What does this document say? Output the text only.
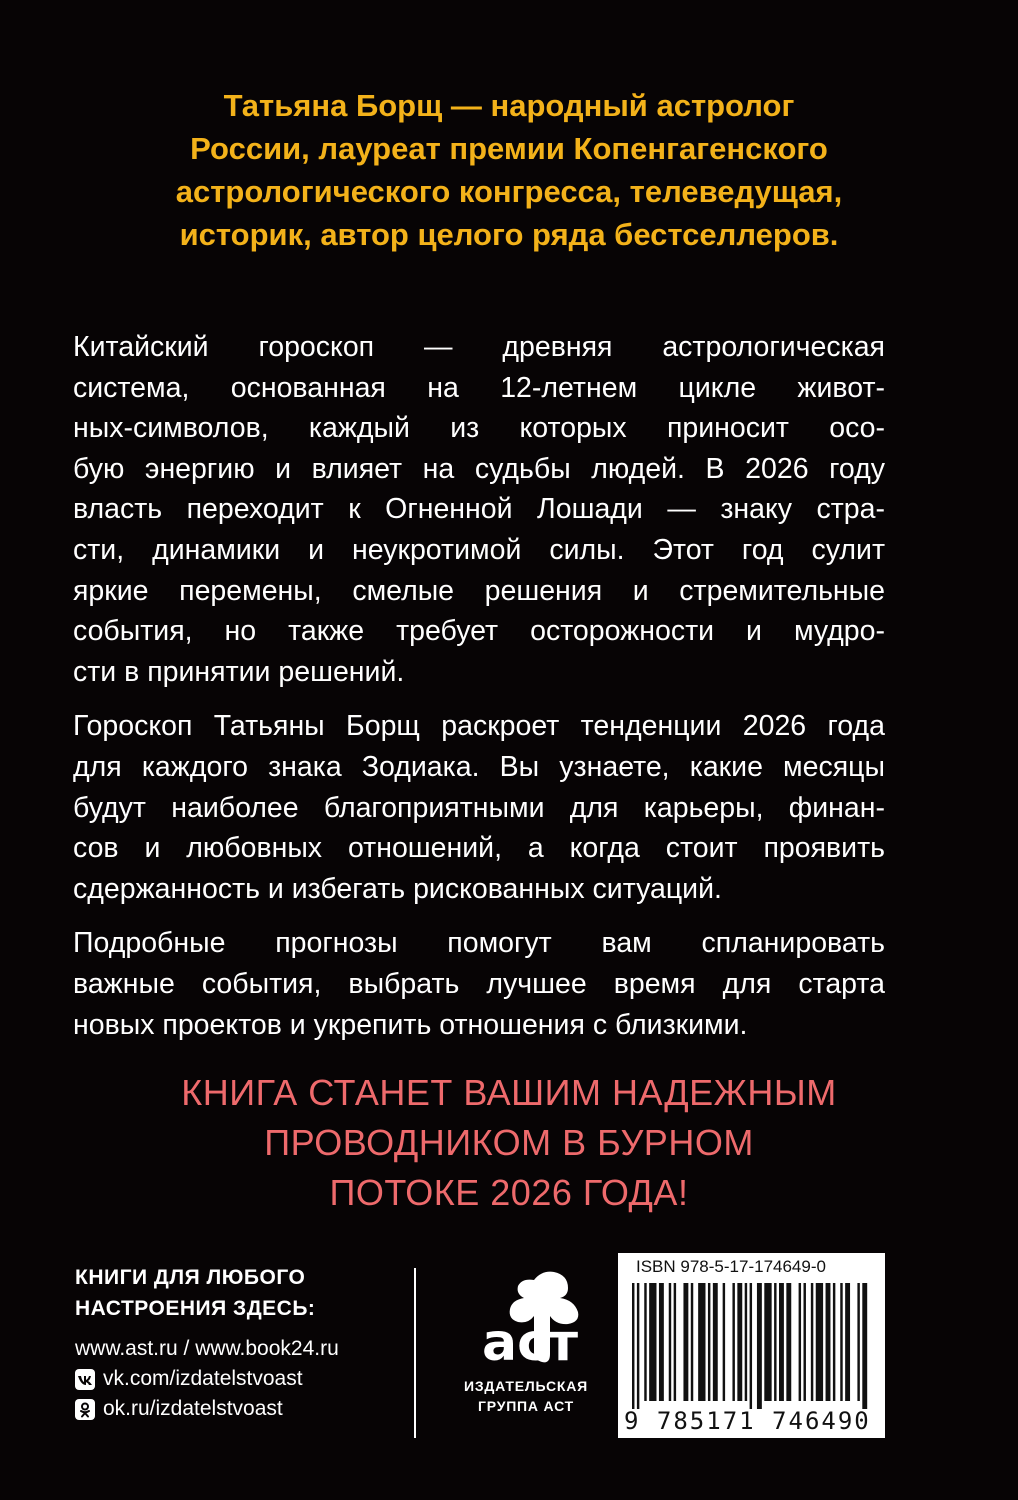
Татьяна Борщ — народный астролог
России, лауреат премии Копенгагенского
астрологического конгресса, телеведущая,
историк, автор целого ряда бестселлеров.
Китайский гороскоп — древняя астрологическая
система, основанная на 12-летнем цикле живот-
ных-символов, каждый из которых приносит осо-
бую энергию и влияет на судьбы людей. В 2026 году
власть переходит к Огненной Лошади — знаку стра-
сти, динамики и неукротимой силы. Этот год сулит
яркие перемены, смелые решения и стремительные
события, но также требует осторожности и мудро-
сти в принятии решений.
Гороскоп Татьяны Борщ раскроет тенденции 2026 года
для каждого знака Зодиака. Вы узнаете, какие месяцы
будут наиболее благоприятными для карьеры, финан-
сов и любовных отношений, а когда стоит проявить
сдержанность и избегать рискованных ситуаций.
Подробные прогнозы помогут вам спланировать
важные события, выбрать лучшее время для старта
новых проектов и укрепить отношения с близкими.
КНИГА СТАНЕТ ВАШИМ НАДЕЖНЫМ
ПРОВОДНИКОМ В БУРНОМ
ПОТОКЕ 2026 ГОДА!
КНИГИ ДЛЯ ЛЮБОГО
НАСТРОЕНИЯ ЗДЕСЬ:
www.ast.ru / www.book24.ru
vk.com/izdatelstvoast
ok.ru/izdatelstvoast
аст
ИЗДАТЕЛЬСКАЯ
ГРУППА АСТ
ISBN 978-5-17-174649-0
9 785171 746490
